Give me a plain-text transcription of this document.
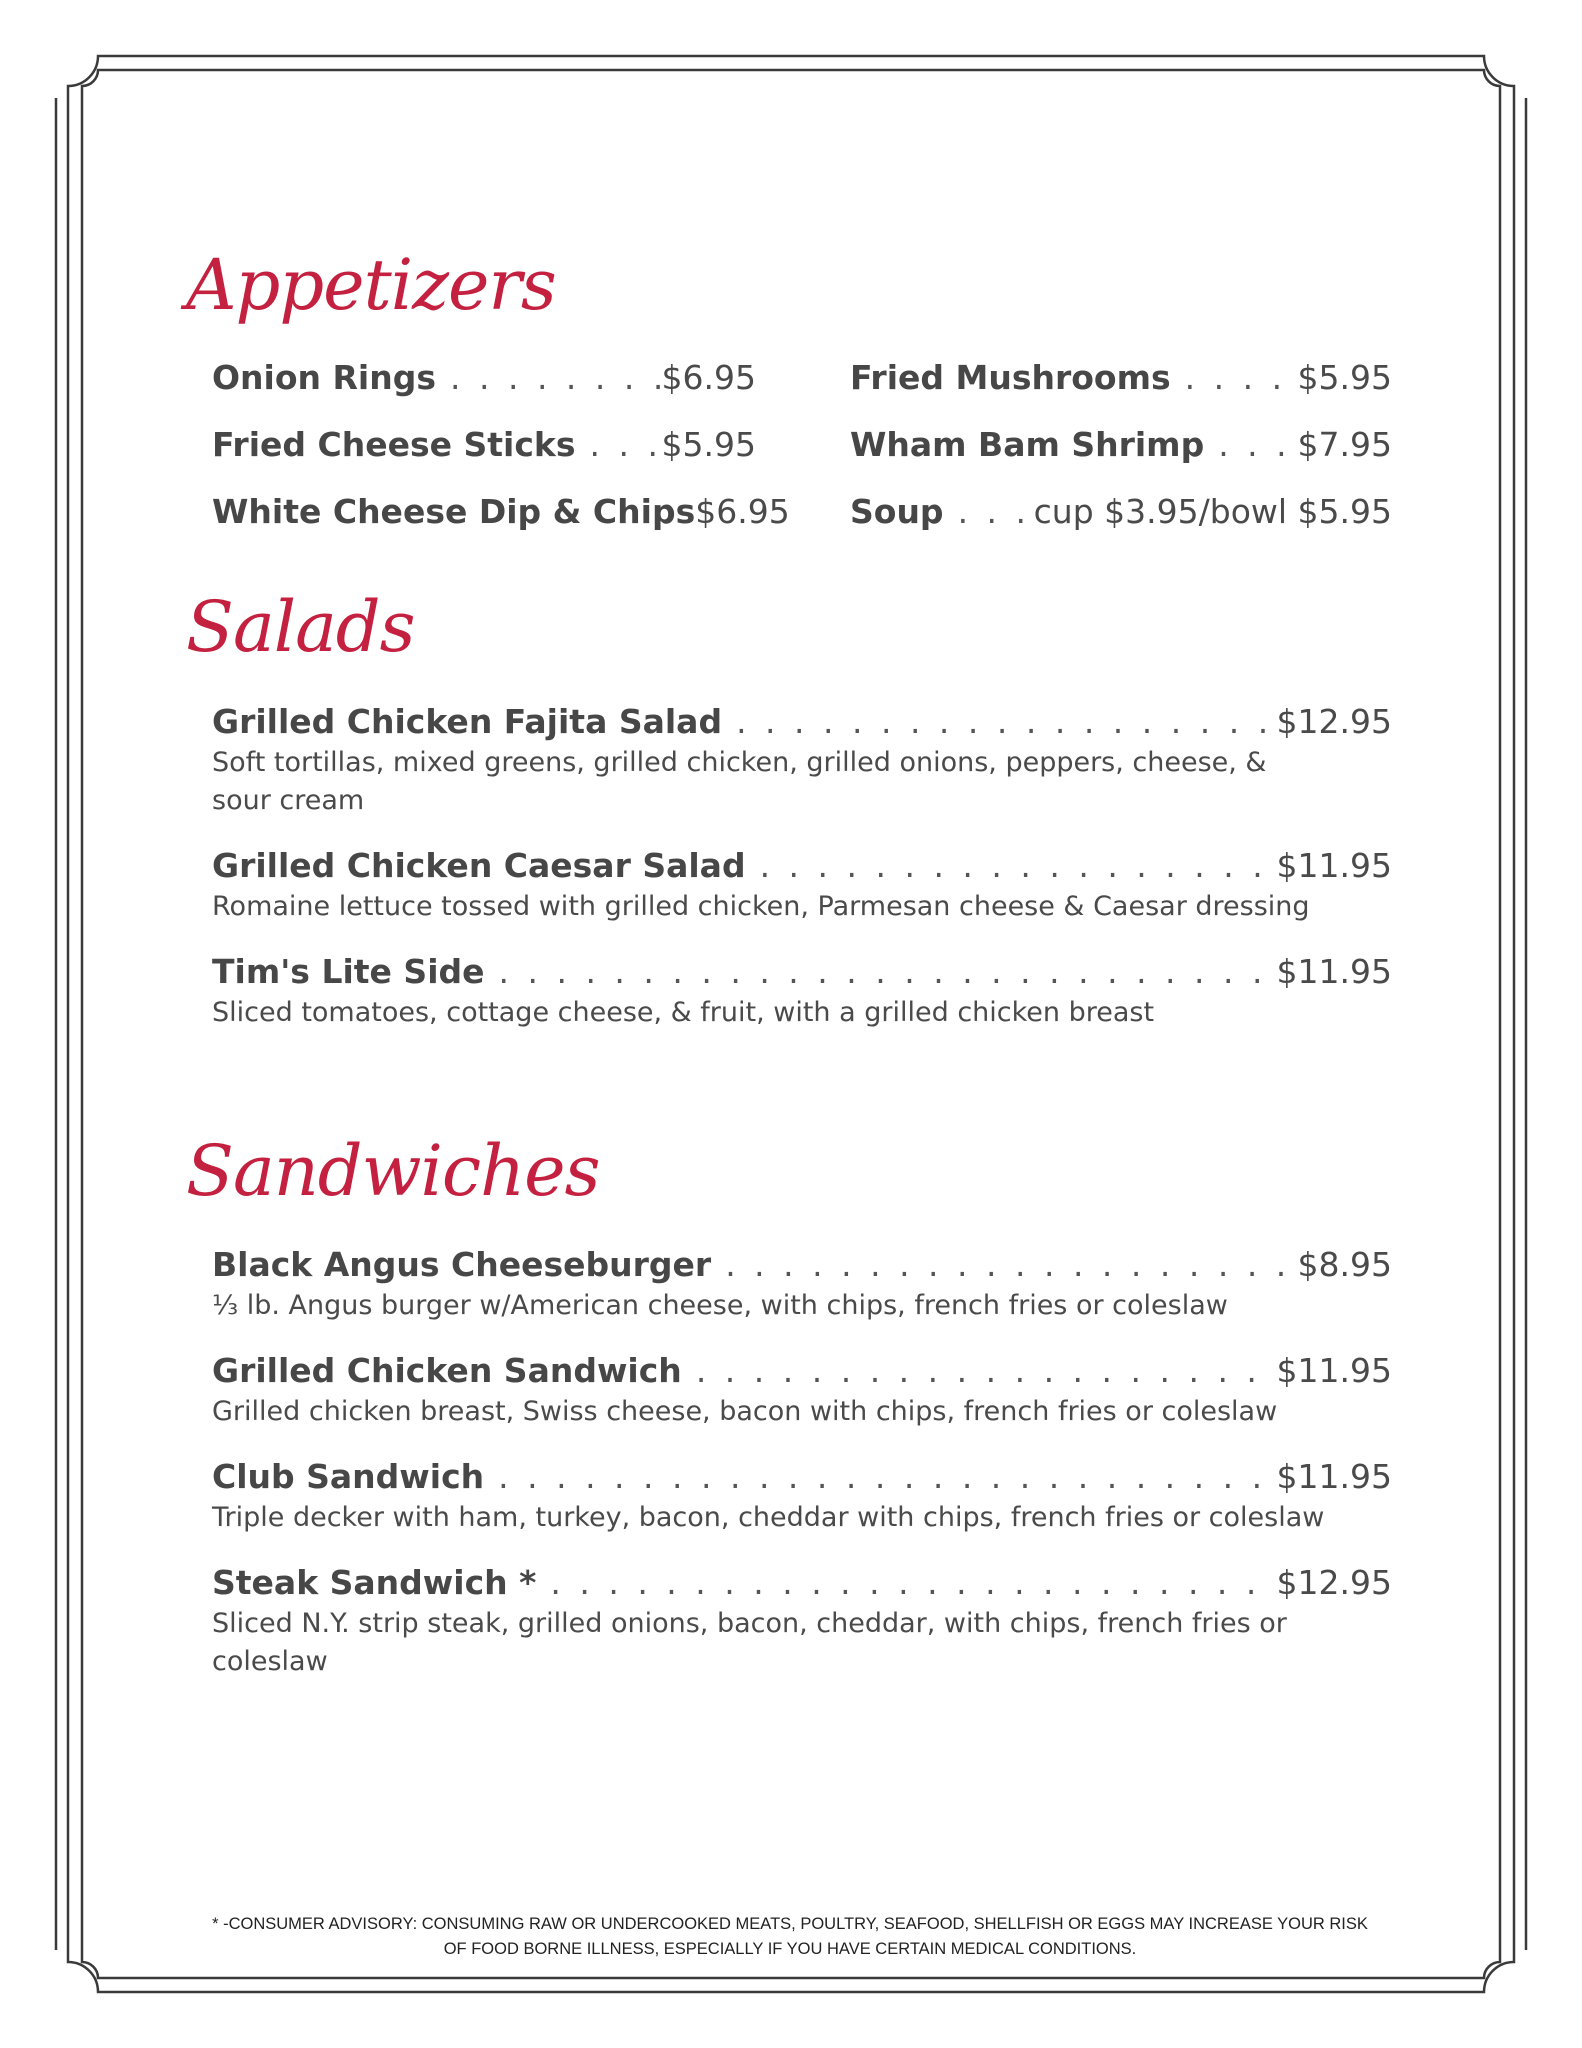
Appetizers
Onion Rings . . .	$6.95
Fried Cheese Sticks . . .	$5.95
White Cheese Dip & Chips $6.95
Fried Mushrooms . . .	$5.95
Wham Bam Shrimp . . .	$7.95
Soup . . .	cup $3.95/bowl $5.95
Salads
Grilled Chicken Fajita Salad . . .	$12.95
Soft tortillas, mixed greens, grilled chicken, grilled onions, peppers, cheese, & sour cream
Grilled Chicken Caesar Salad . . .	$11.95
Romaine lettuce tossed with grilled chicken, Parmesan cheese & Caesar dressing
Tim's Lite Side . . .	$11.95
Sliced tomatoes, cottage cheese, & fruit, with a grilled chicken breast
Sandwiches
Black Angus Cheeseburger . . .	$8.95
⅓ lb. Angus burger w/American cheese, with chips, french fries or coleslaw
Grilled Chicken Sandwich . . .	$11.95
Grilled chicken breast, Swiss cheese, bacon with chips, french fries or coleslaw
Club Sandwich . . .	$11.95
Triple decker with ham, turkey, bacon, cheddar with chips, french fries or coleslaw
Steak Sandwich * . . .	$12.95
Sliced N.Y. strip steak, grilled onions, bacon, cheddar, with chips, french fries or coleslaw
* -CONSUMER ADVISORY: CONSUMING RAW OR UNDERCOOKED MEATS, POULTRY, SEAFOOD, SHELLFISH OR EGGS MAY INCREASE YOUR RISK OF FOOD BORNE ILLNESS, ESPECIALLY IF YOU HAVE CERTAIN MEDICAL CONDITIONS.
